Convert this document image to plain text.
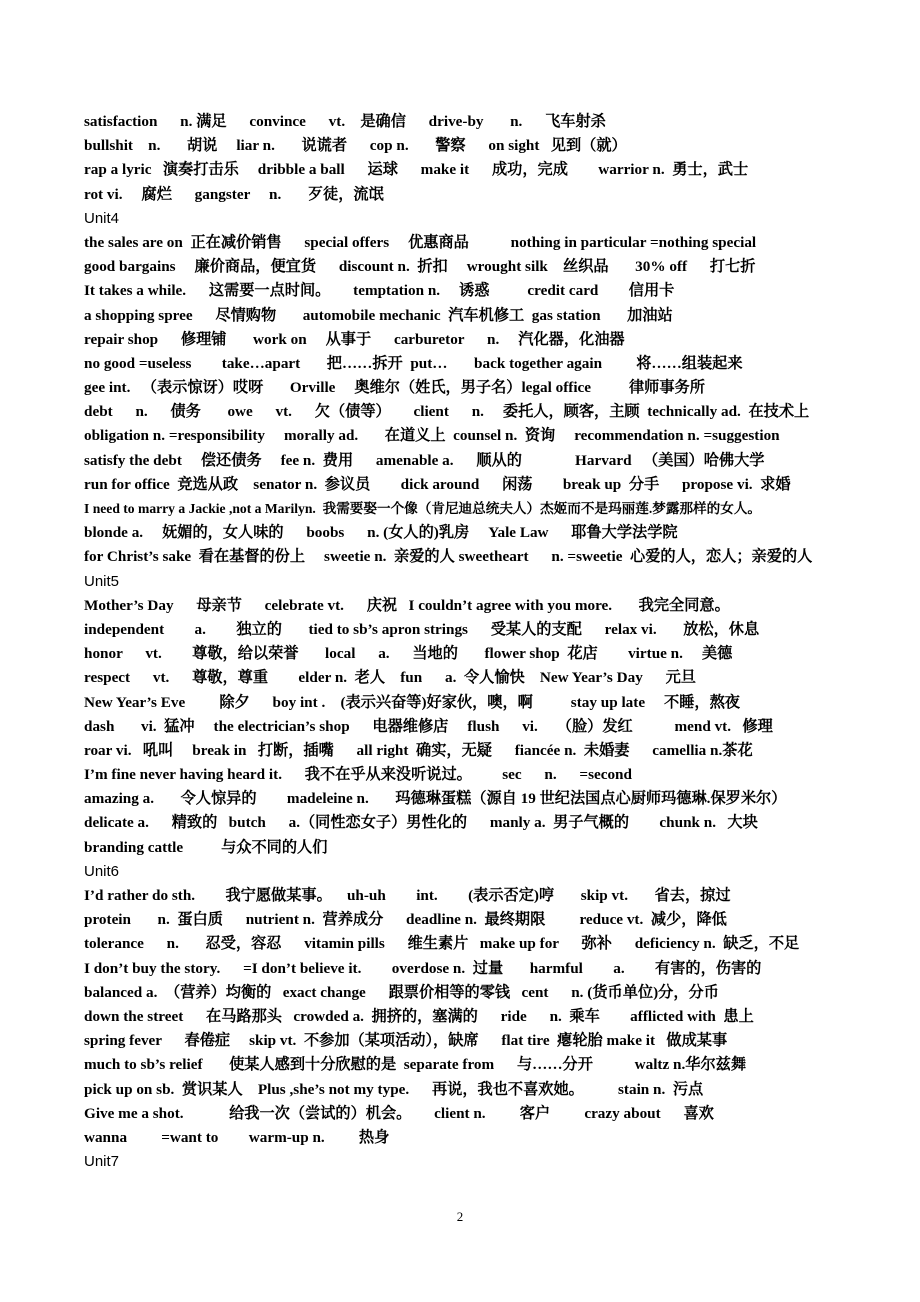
satisfaction      n. 满足      convince      vt.    是确信      drive-by       n.      飞车射杀
bullshit    n.       胡说     liar n.       说谎者      cop n.       警察      on sight   见到（就）
rap a lyric   演奏打击乐     dribble a ball      运球      make it      成功，完成        warrior n.  勇士，武士
rot vi.     腐烂      gangster     n.       歹徒，流氓
Unit4
the sales are on  正在减价销售      special offers     优惠商品           nothing in particular =nothing special
good bargains     廉价商品，便宜货      discount n.  折扣     wrought silk    丝织品       30% off      打七折
It takes a while.      这需要一点时间。      temptation n.     诱惑          credit card        信用卡
a shopping spree      尽情购物       automobile mechanic  汽车机修工  gas station       加油站
repair shop      修理铺       work on     从事于      carburetor      n.     汽化器，化油器
no good =useless        take…apart       把……拆开  put…       back together again         将……组装起来
gee int.   （表示惊讶）哎呀       Orville     奥维尔（姓氏，男子名）legal office          律师事务所
debt      n.      债务       owe      vt.      欠（债等）      client      n.     委托人，顾客，主顾  technically ad.  在技术上
obligation n. =responsibility     morally ad.       在道义上  counsel n.  资询     recommendation n. =suggestion
satisfy the debt     偿还债务     fee n.  费用      amenable a.      顺从的              Harvard   （美国）哈佛大学
run for office  竞选从政    senator n.  参议员        dick around      闲荡        break up  分手      propose vi.  求婚
I need to marry a Jackie ,not a Marilyn.  我需要娶一个像（肯尼迪总统夫人）杰姬而不是玛丽莲.梦露那样的女人。
blonde a.     妩媚的，女人味的      boobs      n. (女人的)乳房     Yale Law      耶鲁大学法学院
for Christ’s sake  看在基督的份上     sweetie n.  亲爱的人 sweetheart      n. =sweetie  心爱的人，恋人；亲爱的人
Unit5
Mother’s Day      母亲节      celebrate vt.      庆祝   I couldn’t agree with you more.       我完全同意。
independent        a.        独立的       tied to sb’s apron strings      受某人的支配      relax vi.       放松，休息
honor      vt.        尊敬，给以荣誉       local      a.      当地的       flower shop  花店        virtue n.     美德
respect      vt.      尊敬，尊重        elder n.  老人    fun      a.  令人愉快    New Year’s Day      元旦
New Year’s Eve         除夕      boy int .    (表示兴奋等)好家伙，噢，啊          stay up late     不睡，熬夜
dash       vi.  猛冲     the electrician’s shop      电器维修店     flush      vi.     （脸）发红           mend vt.   修理
roar vi.   吼叫     break in   打断，插嘴      all right  确实，无疑      fiancée n.  未婚妻      camellia n.茶花
I’m fine never having heard it.      我不在乎从来没听说过。        sec      n.      =second
amazing a.       令人惊异的        madeleine n.       玛德琳蛋糕（源自 19 世纪法国点心厨师玛德琳.保罗米尔）
delicate a.      精致的   butch      a.（同性恋女子）男性化的      manly a.  男子气概的        chunk n.   大块
branding cattle          与众不同的人们
Unit6
I’d rather do sth.        我宁愿做某事。    uh-uh        int.        (表示否定)哼       skip vt.       省去，掠过
protein       n.  蛋白质      nutrient n.  营养成分      deadline n.  最终期限         reduce vt.  减少，降低
tolerance      n.       忍受，容忍      vitamin pills      维生素片   make up for      弥补      deficiency n.  缺乏，不足
I don’t buy the story.      =I don’t believe it.        overdose n.  过量       harmful        a.        有害的，伤害的
balanced a.  （营养）均衡的   exact change      跟票价相等的零钱   cent      n. (货币单位)分，分币
down the street      在马路那头   crowded a.  拥挤的，塞满的      ride      n.  乘车        afflicted with  患上
spring fever      春倦症     skip vt.  不参加（某项活动），缺席      flat tire  瘪轮胎 make it   做成某事
much to sb’s relief       使某人感到十分欣慰的是  separate from      与……分开           waltz n.华尔兹舞
pick up on sb.  赏识某人    Plus ,she’s not my type.      再说，我也不喜欢她。         stain n.  污点
Give me a shot.            给我一次（尝试的）机会。      client n.         客户         crazy about      喜欢
wanna         =want to        warm-up n.         热身
Unit7
2
